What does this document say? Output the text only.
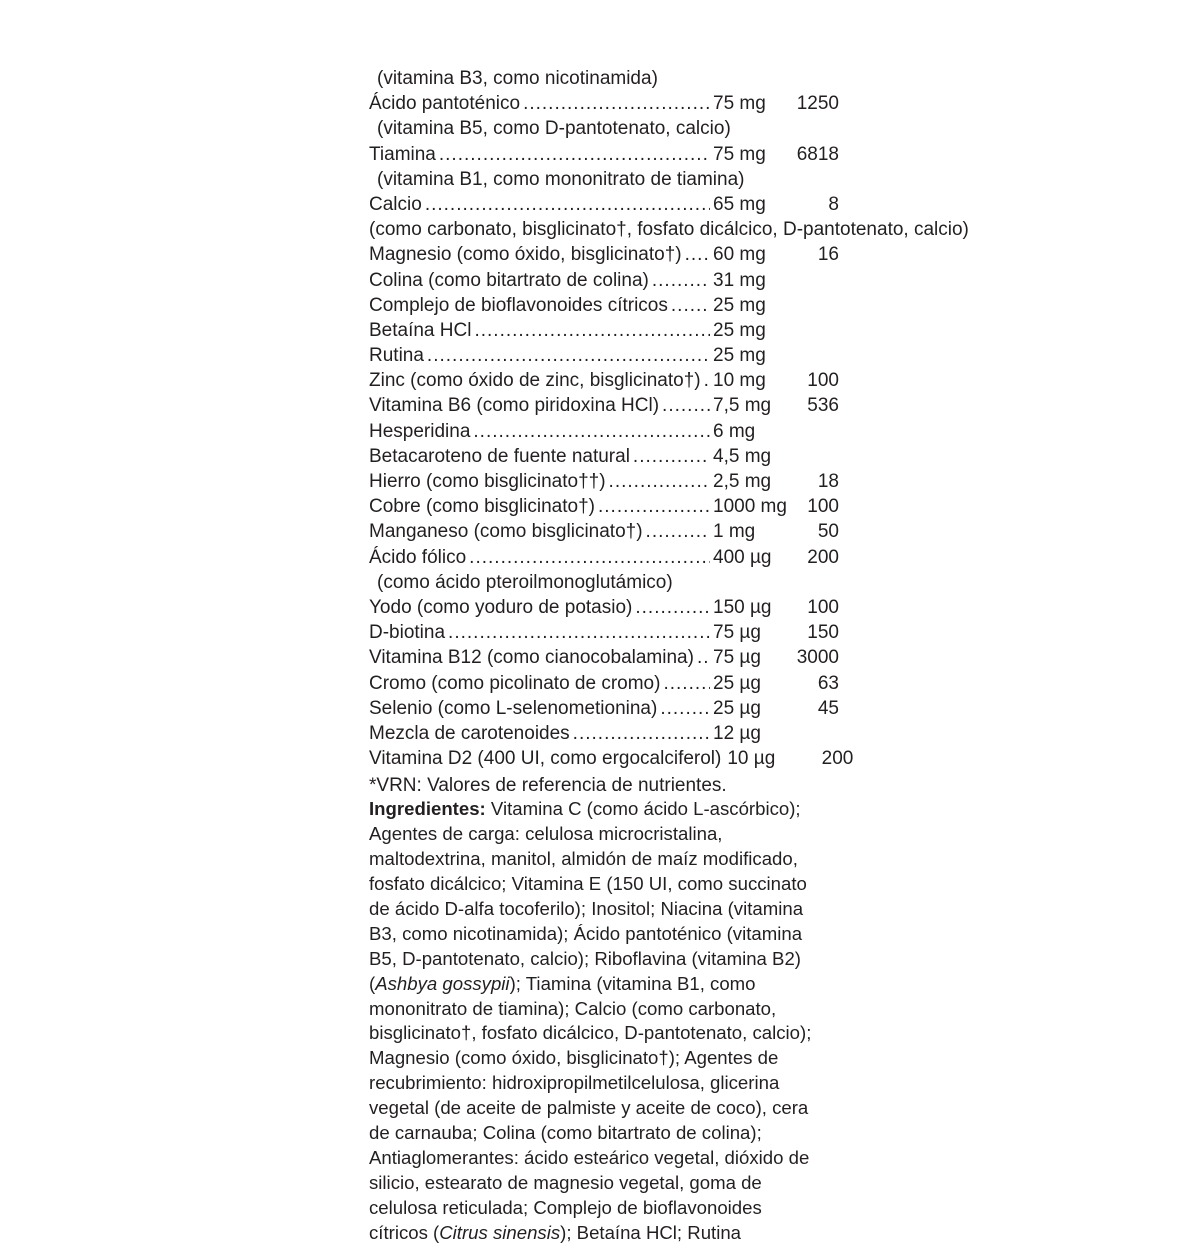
(vitamina B3, como nicotinamida)
Ácido pantoténico .....	75 mg	1250
(vitamina B5, como D-pantotenato, calcio)
Tiamina .....	75 mg	6818
(vitamina B1, como mononitrato de tiamina)
Calcio .....	65 mg	8
(como carbonato, bisglicinato†, fosfato dicálcico, D-pantotenato, calcio)
Magnesio (como óxido, bisglicinato†) ..... 60 mg	16
Colina (como bitartrato de colina) .....	31 mg
Complejo de bioflavonoides cítricos ..... 25 mg
Betaína HCl .....	25 mg
Rutina .....	25 mg
Zinc (como óxido de zinc, bisglicinato†) ..... 10 mg	100
Vitamina B6 (como piridoxina HCl) .....	7,5 mg	536
Hesperidina .....	6 mg
Betacaroteno de fuente natural .....	4,5 mg
Hierro (como bisglicinato††) .....	2,5 mg	18
Cobre (como bisglicinato†) .....	1000 mg	100
Manganeso (como bisglicinato†) .....	1 mg	50
Ácido fólico .....	400 µg	200
(como ácido pteroilmonoglutámico)
Yodo (como yoduro de potasio) .....	150 µg	100
D-biotina .....	75 µg	150
Vitamina B12 (como cianocobalamina) ..... 75 µg	3000
Cromo (como picolinato de cromo) .....	25 µg	63
Selenio (como L-selenometionina) .....	25 µg	45
Mezcla de carotenoides .....	12 µg
Vitamina D2 (400 UI, como ergocalciferol) 10 µg	200
*VRN: Valores de referencia de nutrientes.
Ingredientes: Vitamina C (como ácido L-ascórbico); Agentes de carga: celulosa microcristalina, maltodextrina, manitol, almidón de maíz modificado, fosfato dicálcico; Vitamina E (150 UI, como succinato de ácido D-alfa tocoferilo); Inositol; Niacina (vitamina B3, como nicotinamida); Ácido pantoténico (vitamina B5, D-pantotenato, calcio); Riboflavina (vitamina B2) (Ashbya gossypii); Tiamina (vitamina B1, como mononitrato de tiamina); Calcio (como carbonato, bisglicinato†, fosfato dicálcico, D-pantotenato, calcio); Magnesio (como óxido, bisglicinato†); Agentes de recubrimiento: hidroxipropilmetilcelulosa, glicerina vegetal (de aceite de palmiste y aceite de coco), cera de carnauba; Colina (como bitartrato de colina); Antiaglomerantes: ácido esteárico vegetal, dióxido de silicio, estearato de magnesio vegetal, goma de celulosa reticulada; Complejo de bioflavonoides cítricos (Citrus sinensis); Betaína HCl; Rutina
